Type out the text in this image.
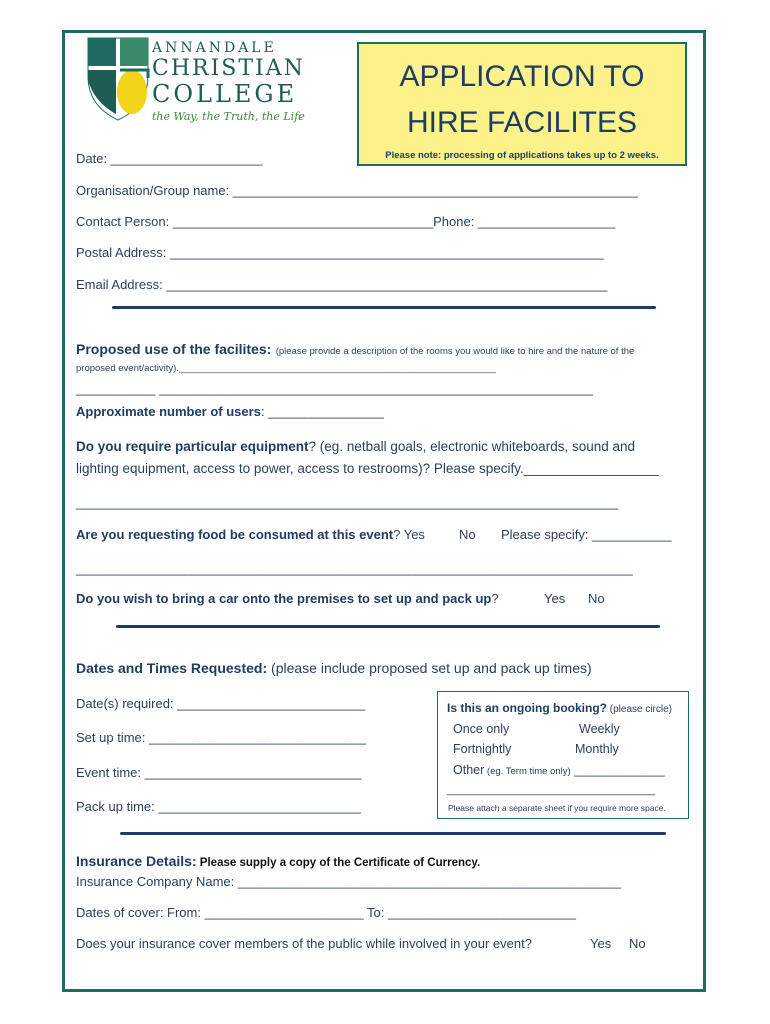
ANNANDALE
CHRISTIAN
COLLEGE
the Way, the Truth, the Life
APPLICATION TO
HIRE FACILITES
Please note: processing of applications takes up to 2 weeks.
Date: _____________________
Organisation/Group name: ________________________________________________________
Contact Person: ____________________________________Phone: ___________________
Postal Address: ____________________________________________________________
Email Address: _____________________________________________________________
Proposed use of the facilites: (please provide a description of the rooms you would like to hire and the nature of the
proposed event/activity).____________________________________________________________
___________ ____________________________________________________________
Approximate number of users: ________________
Do you require particular equipment? (eg. netball goals, electronic whiteboards, sound and
lighting equipment, access to power, access to restrooms)? Please specify.__________________
___________________________________________________________________________
Are you requesting food be consumed at this event? Yes	No Please specify: ___________
_____________________________________________________________________________
Do you wish to bring a car onto the premises to set up and pack up?	Yes No
Dates and Times Requested: (please include proposed set up and pack up times)
Date(s) required: __________________________
Set up time: ______________________________
Event time: ______________________________
Pack up time: ____________________________
Is this an ongoing booking? (please circle)
Once only	Weekly
Fortnightly	Monthly
Other (eg. Term time only) _____________
__________________________________
Please attach a separate sheet if you require more space.
Insurance Details: Please supply a copy of the Certificate of Currency.
Insurance Company Name: _____________________________________________________
Dates of cover: From: ______________________ To: __________________________
Does your insurance cover members of the public while involved in your event?	Yes No
